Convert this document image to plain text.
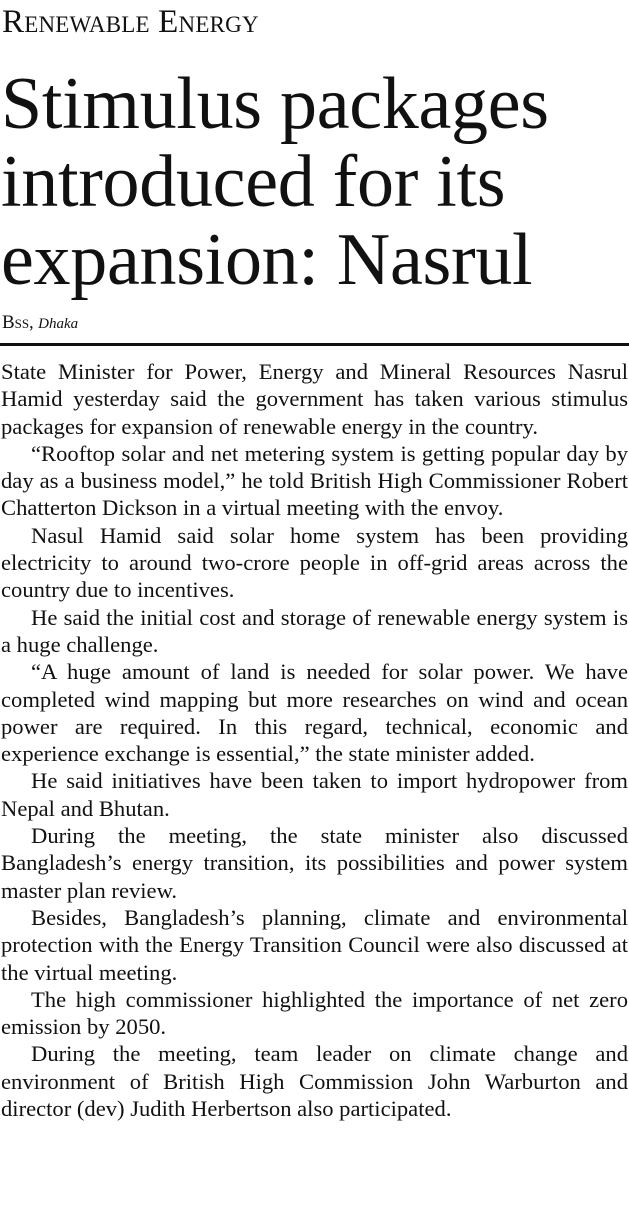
Renewable Energy
Stimulus packages
introduced for its
expansion: Nasrul
Bss, Dhaka

State Minister for Power, Energy and Mineral Resources Nasrul Hamid yesterday said the government has taken various stimulus packages for expansion of renewable energy in the country.

“Rooftop solar and net metering system is getting popular day by day as a business model,” he told British High Commissioner Robert Chatterton Dickson in a virtual meeting with the envoy.

Nasul Hamid said solar home system has been providing electricity to around two-crore people in off-grid areas across the country due to incentives.

He said the initial cost and storage of renewable energy system is a huge challenge.

“A huge amount of land is needed for solar power. We have completed wind mapping but more researches on wind and ocean power are required. In this regard, technical, economic and experience exchange is essential,” the state minister added.

He said initiatives have been taken to import hydropower from Nepal and Bhutan.

During the meeting, the state minister also discussed Bangladesh’s energy transition, its possibilities and power system master plan review.

Besides, Bangladesh’s planning, climate and environmental protection with the Energy Transition Council were also discussed at the virtual meeting.

The high commissioner highlighted the importance of net zero emission by 2050.

During the meeting, team leader on climate change and environment of British High Commission John Warburton and director (dev) Judith Herbertson also participated.
